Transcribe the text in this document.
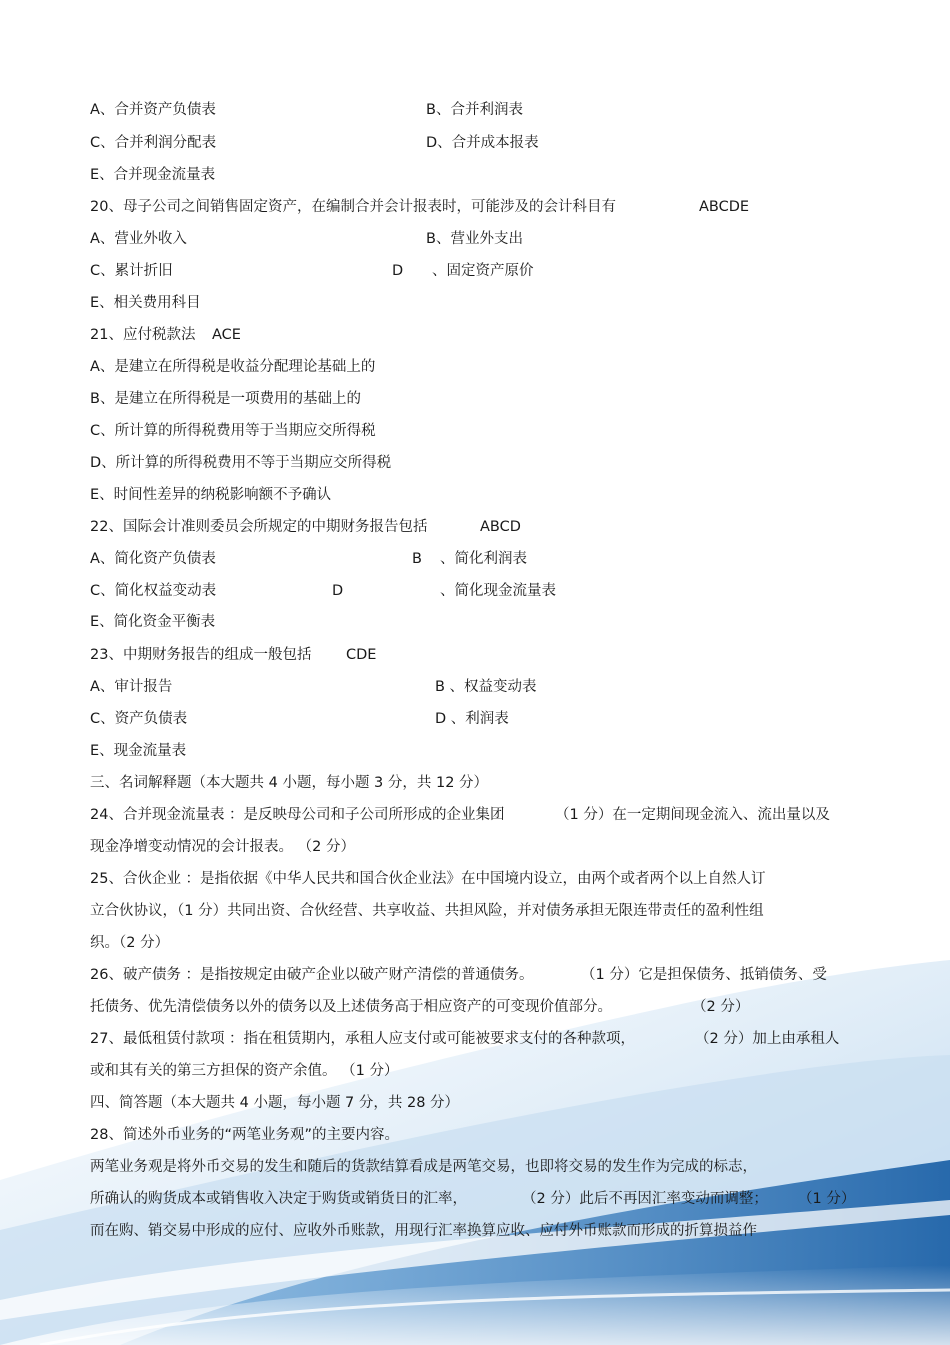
A、合并资产负债表	B、合并利润表
C、合并利润分配表	D、合并成本报表
E、合并现金流量表
20、母子公司之间销售固定资产，在编制合并会计报表时，可能涉及的会计科目有	ABCDE
A、营业外收入	B、营业外支出
C、累计折旧	D 、固定资产原价
E、相关费用科目
21、应付税款法 ACE
A、是建立在所得税是收益分配理论基础上的
B、是建立在所得税是一项费用的基础上的
C、所计算的所得税费用等于当期应交所得税
D、所计算的所得税费用不等于当期应交所得税
E、时间性差异的纳税影响额不予确认
22、国际会计准则委员会所规定的中期财务报告包括	ABCD
A、简化资产负债表	B 、简化利润表
C、简化权益变动表	D	、简化现金流量表
E、简化资金平衡表
23、中期财务报告的组成一般包括 CDE
A、审计报告	B 、权益变动表
C、资产负债表	D 、利润表
E、现金流量表
三、名词解释题（本大题共 4 小题，每小题 3 分，共 12 分）
24、合并现金流量表 ：是反映母公司和子公司所形成的企业集团	（1 分）在一定期间现金流入、流出量以及
现金净增变动情况的会计报表。 （2 分）
25、合伙企业 ：是指依据《中华人民共和国合伙企业法》在中国境内设立，由两个或者两个以上自然人订
立合伙协议，（1 分）共同出资、合伙经营、共享收益、共担风险，并对债务承担无限连带责任的盈利性组
织。（2 分）
26、破产债务 ：是指按规定由破产企业以破产财产清偿的普通债务。	（1 分）它是担保债务、抵销债务、受
托债务、优先清偿债务以外的债务以及上述债务高于相应资产的可变现价值部分。	（2 分）
27、最低租赁付款项 ：指在租赁期内，承租人应支付或可能被要求支付的各种款项，	（2 分）加上由承租人
或和其有关的第三方担保的资产余值。 （1 分）
四、简答题（本大题共 4 小题，每小题 7 分，共 28 分）
28、简述外币业务的“两笔业务观”的主要内容。
两笔业务观是将外币交易的发生和随后的货款结算看成是两笔交易，也即将交易的发生作为完成的标志，
所确认的购货成本或销售收入决定于购货或销货日的汇率，	（2 分）此后不再因汇率变动而调整； （1 分）
而在购、销交易中形成的应付、应收外币账款，用现行汇率换算应收、应付外币账款而形成的折算损益作
